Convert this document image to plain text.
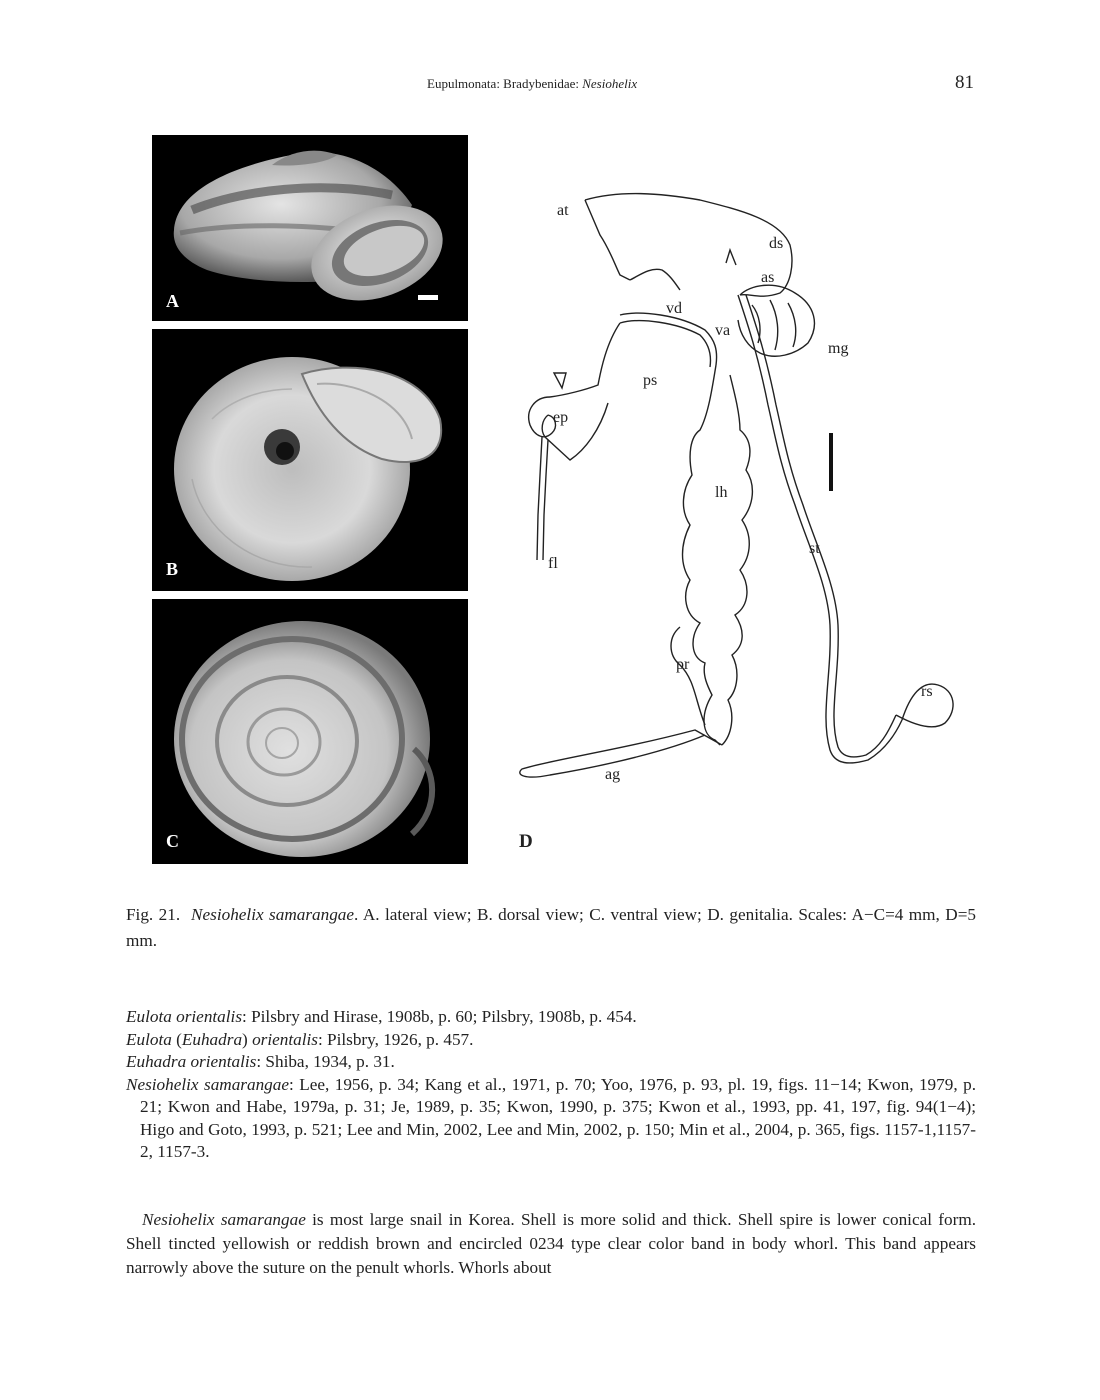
Eupulmonata: Bradybenidae: Nesiohelix	81
A
B
C
at
ds
as
vd
va
mg
ps
ep
lh
st
fl
pr
rs
ag
D
Fig. 21. Nesiohelix samarangae. A. lateral view; B. dorsal view; C. ventral view; D. genitalia. Scales: A−C=4 mm, D=5 mm.
Eulota orientalis: Pilsbry and Hirase, 1908b, p. 60; Pilsbry, 1908b, p. 454.
Eulota (Euhadra) orientalis: Pilsbry, 1926, p. 457.
Euhadra orientalis: Shiba, 1934, p. 31.
Nesiohelix samarangae: Lee, 1956, p. 34; Kang et al., 1971, p. 70; Yoo, 1976, p. 93, pl. 19, figs. 11−14; Kwon, 1979, p. 21; Kwon and Habe, 1979a, p. 31; Je, 1989, p. 35; Kwon, 1990, p. 375; Kwon et al., 1993, pp. 41, 197, fig. 94(1−4); Higo and Goto, 1993, p. 521; Lee and Min, 2002, Lee and Min, 2002, p. 150; Min et al., 2004, p. 365, figs. 1157-1,1157-2, 1157-3.
Nesiohelix samarangae is most large snail in Korea. Shell is more solid and thick. Shell spire is lower conical form. Shell tincted yellowish or reddish brown and encircled 0234 type clear color band in body whorl. This band appears narrowly above the suture on the penult whorls. Whorls about
